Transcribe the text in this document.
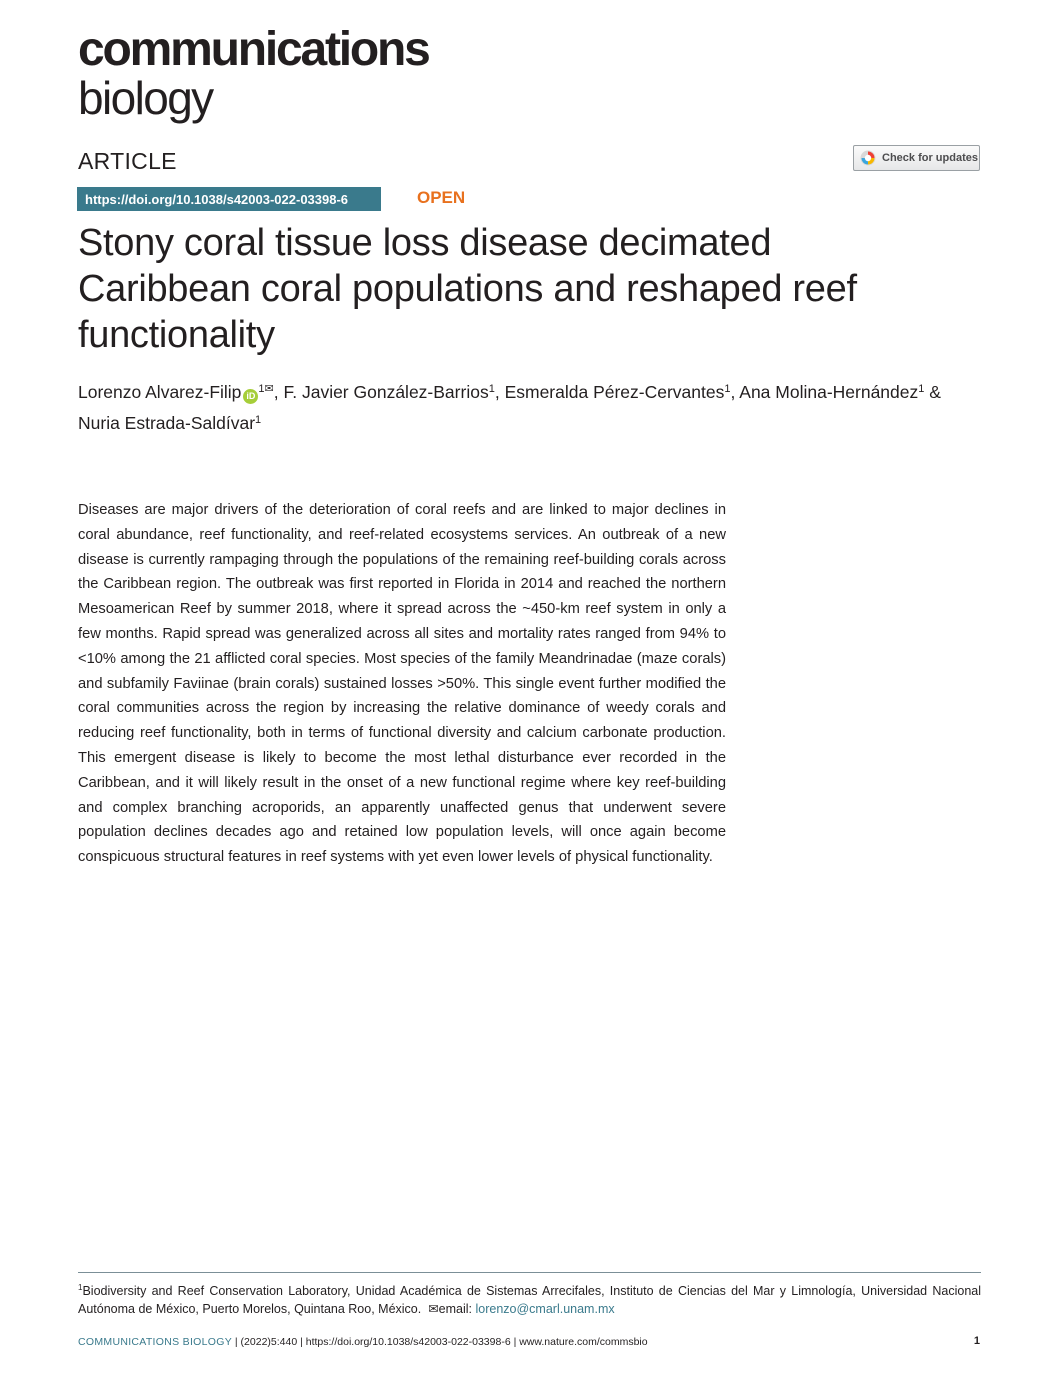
communications
biology
ARTICLE	Check for updates
https://doi.org/10.1038/s42003-022-03398-6	OPEN
Stony coral tissue loss disease decimated Caribbean coral populations and reshaped reef functionality
Lorenzo Alvarez-Filip $iD^{1✉}$, F. Javier González-Barrios$^1$, Esmeralda Pérez-Cervantes$^1$, Ana Molina-Hernández$^1$ &
Nuria Estrada-Saldívar$^1$
Diseases are major drivers of the deterioration of coral reefs and are linked to major declines in coral abundance, reef functionality, and reef-related ecosystems services. An outbreak of a new disease is currently rampaging through the populations of the remaining reef-building corals across the Caribbean region. The outbreak was first reported in Florida in 2014 and reached the northern Mesoamerican Reef by summer 2018, where it spread across the ~450-km reef system in only a few months. Rapid spread was generalized across all sites and mortality rates ranged from 94% to <10% among the 21 afflicted coral species. Most species of the family Meandrinadae (maze corals) and subfamily Faviinae (brain corals) sustained losses >50%. This single event further modified the coral communities across the region by increasing the relative dominance of weedy corals and reducing reef functionality, both in terms of functional diversity and calcium carbonate production. This emergent disease is likely to become the most lethal disturbance ever recorded in the Caribbean, and it will likely result in the onset of a new functional regime where key reef-building and complex branching acroporids, an apparently unaffected genus that underwent severe population declines decades ago and retained low population levels, will once again become conspicuous structural features in reef systems with yet even lower levels of physical functionality.
$^1$Biodiversity and Reef Conservation Laboratory, Unidad Académica de Sistemas Arrecifales, Instituto de Ciencias del Mar y Limnología, Universidad Nacional Autónoma de México, Puerto Morelos, Quintana Roo, México. ✉email: lorenzo@cmarl.unam.mx
COMMUNICATIONS BIOLOGY | (2022)5:440 | https://doi.org/10.1038/s42003-022-03398-6 | www.nature.com/commsbio	1
